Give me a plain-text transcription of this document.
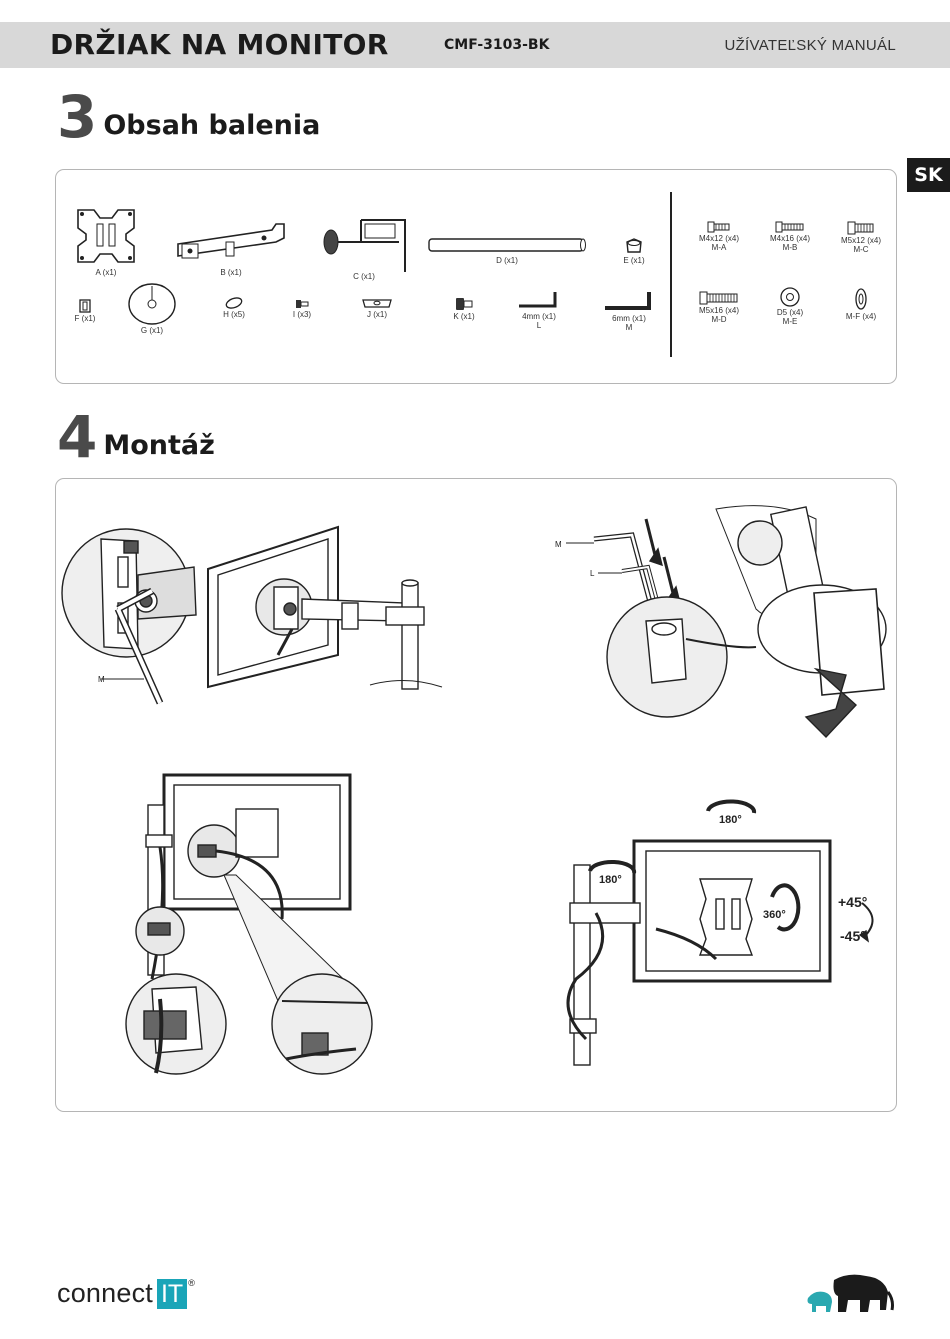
DRŽIAK NA MONITOR	CMF-3103-BK	UŽÍVATEĽSKÝ MANUÁL
SK
3 Obsah balenia
A (x1)	B (x1)	C (x1)
D (x1)	E (x1)
F (x1)
G (x1)
H (x5)	I (x3)	J (x1)	K (x1)	4mm (x1)
L
6mm (x1)
M
M4x12 (x4)
M-A
M4x16 (x4)
M-B
M5x12 (x4)
M-C
M5x16 (x4)
M-D
D5 (x4)
M-E
M-F (x4)
4 Montáž
M
M
L
180°
180°
360°
+45°
-45°
connect IT ®
